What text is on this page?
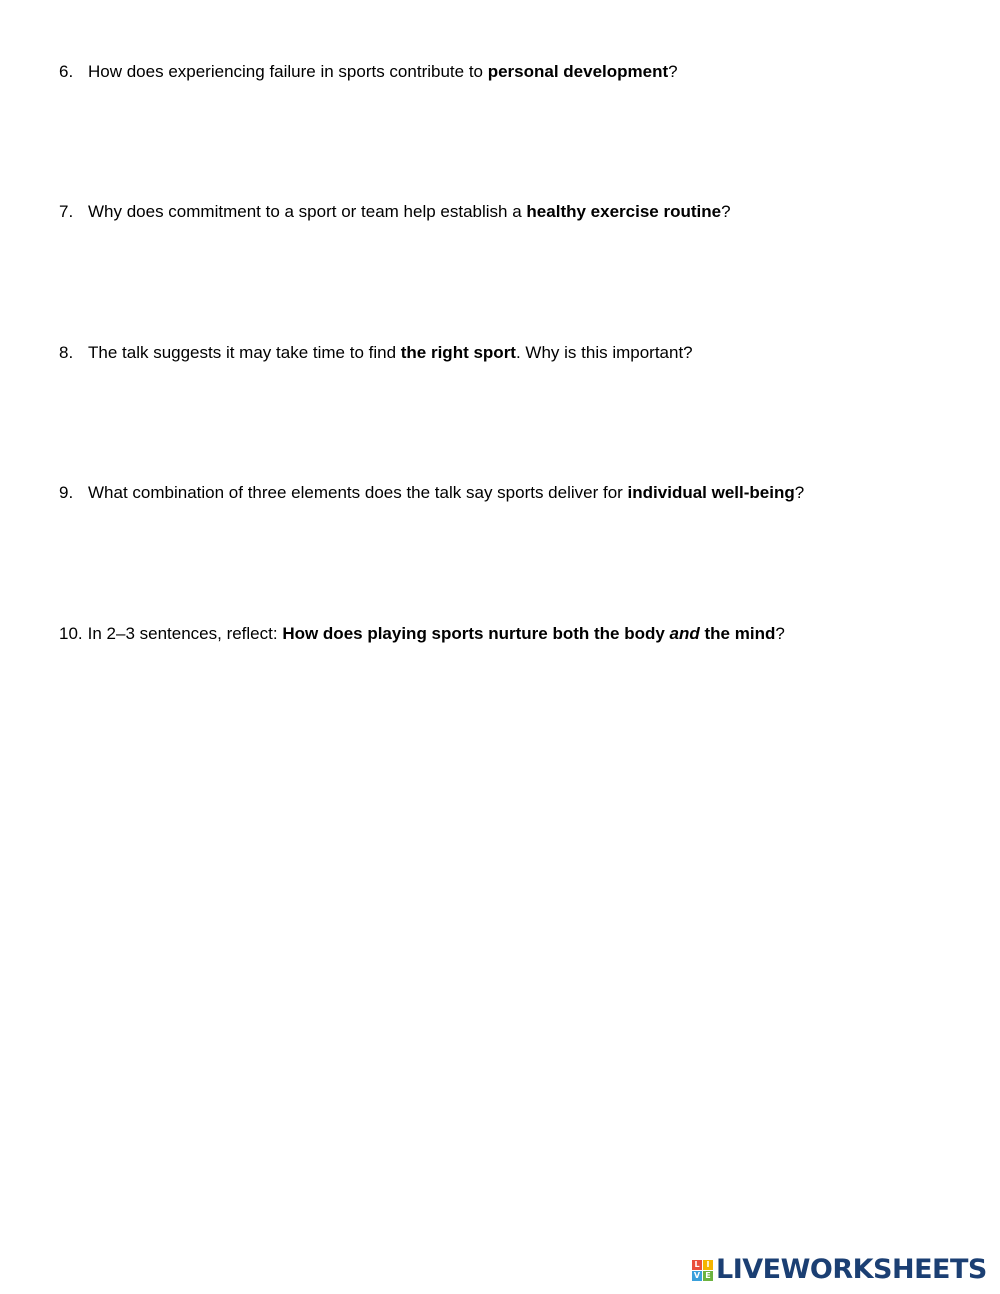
6. How does experiencing failure in sports contribute to personal development?
7. Why does commitment to a sport or team help establish a healthy exercise routine?
8. The talk suggests it may take time to find the right sport. Why is this important?
9. What combination of three elements does the talk say sports deliver for individual well-being?
10. In 2–3 sentences, reflect: How does playing sports nurture both the body and the mind?
L I
V E LIVEWORKSHEETS
